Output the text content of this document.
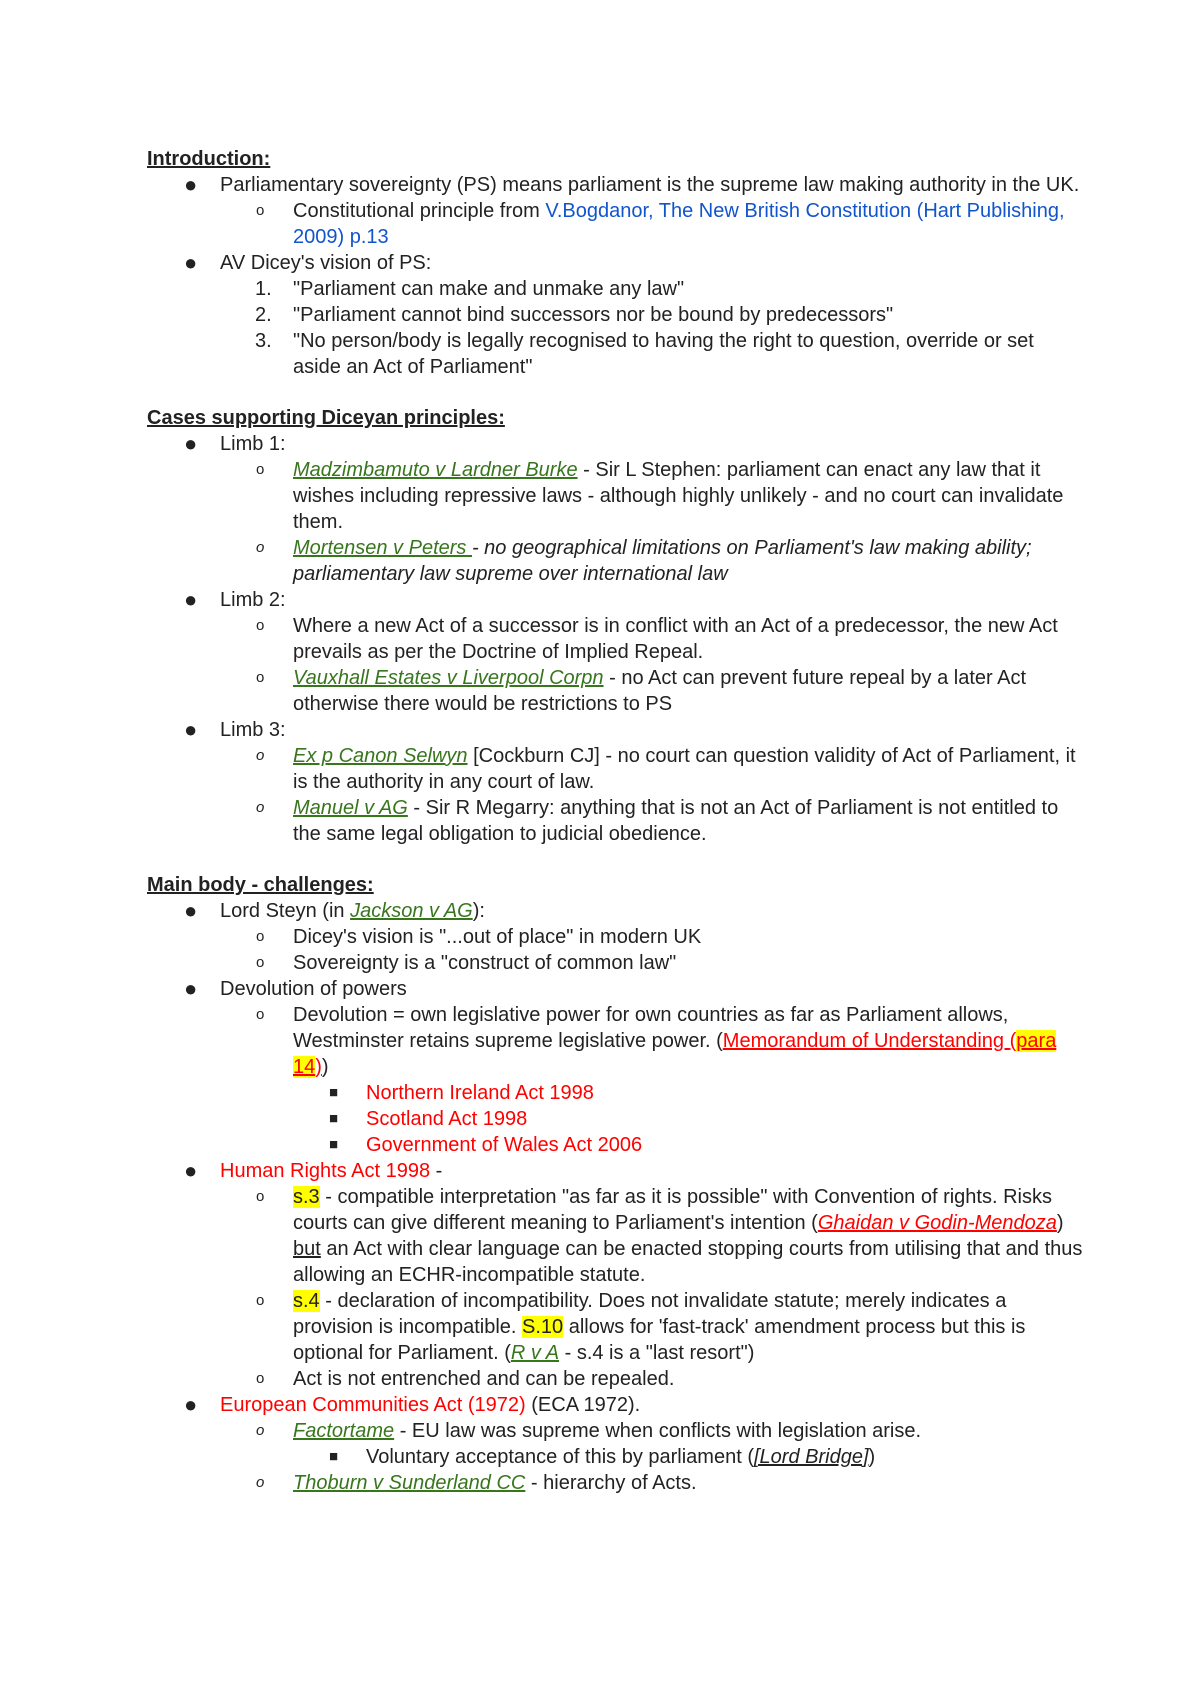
Introduction:
● Parliamentary sovereignty (PS) means parliament is the supreme law making authority in the UK.
o Constitutional principle from V.Bogdanor, The New British Constitution (Hart Publishing, 2009) p.13
● AV Dicey's vision of PS:
1. "Parliament can make and unmake any law"
2. "Parliament cannot bind successors nor be bound by predecessors"
3. "No person/body is legally recognised to having the right to question, override or set aside an Act of Parliament"
Cases supporting Diceyan principles:
● Limb 1:
o Madzimbamuto v Lardner Burke - Sir L Stephen: parliament can enact any law that it wishes including repressive laws - although highly unlikely - and no court can invalidate them.
o Mortensen v Peters - no geographical limitations on Parliament's law making ability; parliamentary law supreme over international law
● Limb 2:
o Where a new Act of a successor is in conflict with an Act of a predecessor, the new Act prevails as per the Doctrine of Implied Repeal.
o Vauxhall Estates v Liverpool Corpn - no Act can prevent future repeal by a later Act otherwise there would be restrictions to PS
● Limb 3:
o Ex p Canon Selwyn [Cockburn CJ] - no court can question validity of Act of Parliament, it is the authority in any court of law.
o Manuel v AG - Sir R Megarry: anything that is not an Act of Parliament is not entitled to the same legal obligation to judicial obedience.
Main body - challenges:
● Lord Steyn (in Jackson v AG):
o Dicey's vision is "...out of place" in modern UK
o Sovereignty is a "construct of common law"
● Devolution of powers
o Devolution = own legislative power for own countries as far as Parliament allows, Westminster retains supreme legislative power. (Memorandum of Understanding (para 14))
■ Northern Ireland Act 1998
■ Scotland Act 1998
■ Government of Wales Act 2006
● Human Rights Act 1998 -
o s.3 - compatible interpretation "as far as it is possible" with Convention of rights. Risks courts can give different meaning to Parliament's intention (Ghaidan v Godin-Mendoza) but an Act with clear language can be enacted stopping courts from utilising that and thus allowing an ECHR-incompatible statute.
o s.4 - declaration of incompatibility. Does not invalidate statute; merely indicates a provision is incompatible. S.10 allows for 'fast-track' amendment process but this is optional for Parliament. (R v A - s.4 is a "last resort")
o Act is not entrenched and can be repealed.
● European Communities Act (1972) (ECA 1972).
o Factortame - EU law was supreme when conflicts with legislation arise.
■ Voluntary acceptance of this by parliament ([Lord Bridge])
o Thoburn v Sunderland CC - hierarchy of Acts.
